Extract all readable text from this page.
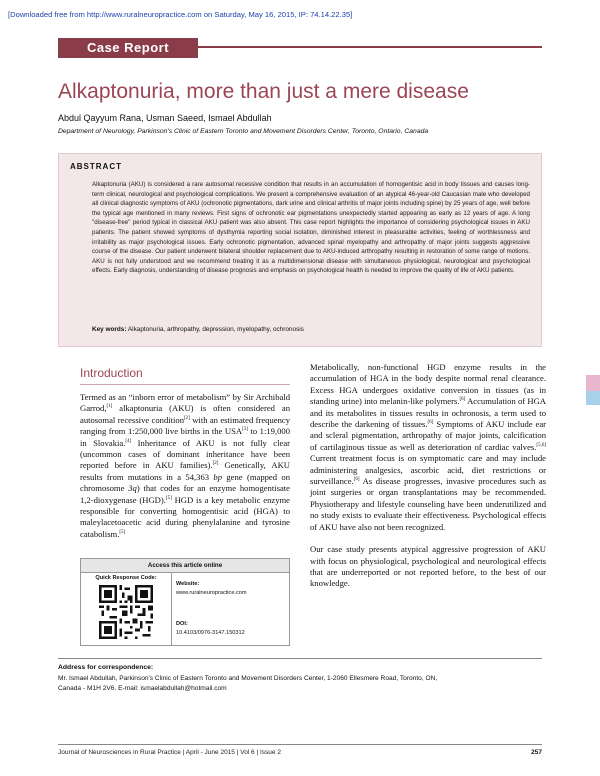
[Downloaded free from http://www.ruralneuropractice.com on Saturday, May 16, 2015, IP: 74.14.22.35]
Case Report
Alkaptonuria, more than just a mere disease
Abdul Qayyum Rana, Usman Saeed, Ismael Abdullah
Department of Neurology, Parkinson's Clinic of Eastern Toronto and Movement Disorders Center, Toronto, Ontario, Canada
ABSTRACT
Alkaptonuria (AKU) is considered a rare autosomal recessive condition that results in an accumulation of homogentisic acid in body tissues and causes long-term clinical, neurological and psychological complications. We present a comprehensive evaluation of an atypical 46-year-old Caucasian male who developed all clinical diagnostic symptoms of AKU (ochronotic pigmentations, dark urine and clinical arthritis of major joints including spine) by 25 years of age, well before the typical age mentioned in many reviews. First signs of ochronotic ear pigmentations unexpectedly started appearing as early as 12 years of age. A long "disease-free" period typical in classical AKU patient was also absent. This case report highlights the importance of considering psychological issues in AKU patients. The patient showed symptoms of dysthymia reporting social isolation, diminished interest in pleasurable activities, feeling of worthlessness and irritability as major psychological issues. Early ochronotic pigmentation, advanced spinal myelopathy and arthropathy of major joints suggests aggressive course of the disease. Our patient underwent bilateral shoulder replacement due to AKU-induced arthropathy resulting in restoration of some range of motions. AKU is not fully understood and we recommend treating it as a multidimensional disease with simultaneous physiological, neurological and psychological effects. Early diagnosis, understanding of disease prognosis and emphasis on psychological health is needed to improve the quality of life of AKU patients.
Key words: Alkaptonuria, arthropathy, depression, myelopathy, ochronosis
Introduction
Termed as an “inborn error of metabolism” by Sir Archibald Garrod,[1] alkaptonuria (AKU) is often considered an autosomal recessive condition[2] with an estimated frequency ranging from 1:250,000 live births in the USA[3] to 1:19,000 in Slovakia.[4] Inheritance of AKU is not fully clear (uncommon cases of dominant inheritance have been reported before in AKU families).[2] Genetically, AKU results from mutations in a 54,363 bp gene (mapped on chromosome 3q) that codes for an enzyme homogentisate 1,2-dioxygenase (HGD).[5] HGD is a key metabolic enzyme responsible for converting homogentisic acid (HGA) to maleylacetoacetic acid during phenylalanine and tyrosine catabolism.[5]

Metabolically, non-functional HGD enzyme results in the accumulation of HGA in the body despite normal renal clearance. Excess HGA undergoes oxidative conversion in tissues (as in standing urine) into melanin-like polymers.[6] Accumulation of HGA and its metabolites in tissues results in ochronosis, a term used to describe the darkening of tissues.[6] Symptoms of AKU include ear and scleral pigmentation, arthropathy of major joints, calcification of cartilaginous tissue as well as deterioration of cardiac valves.[5,6] Current treatment focus is on symptomatic care and may include administering analgesics, ascorbic acid, diet restrictions or surveillance.[6] As disease progresses, invasive procedures such as joint surgeries or organ transplantations may be recommended. Physiotherapy and lifestyle counseling have been underutilized and no study exists to evaluate their effectiveness. Psychological effects of AKU have also not been recognized.

Our case study presents atypical aggressive progression of AKU with focus on physiological, psychological and neurological effects that are underreported or not reported before, to the best of our knowledge.

Access this article online
Quick Response Code:
Website:
www.ruralneuropractice.com
DOI:
10.4103/0976-3147.150312
Address for correspondence:
Mr. Ismael Abdullah, Parkinson's Clinic of Eastern Toronto and Movement Disorders Center, 1-2060 Ellesmere Road, Toronto, ON,
Canada - M1H 2V6. E-mail: ismaelabdullah@hotmail.com
Journal of Neurosciences in Rural Practice | April - June 2015 | Vol 6 | Issue 2	257
